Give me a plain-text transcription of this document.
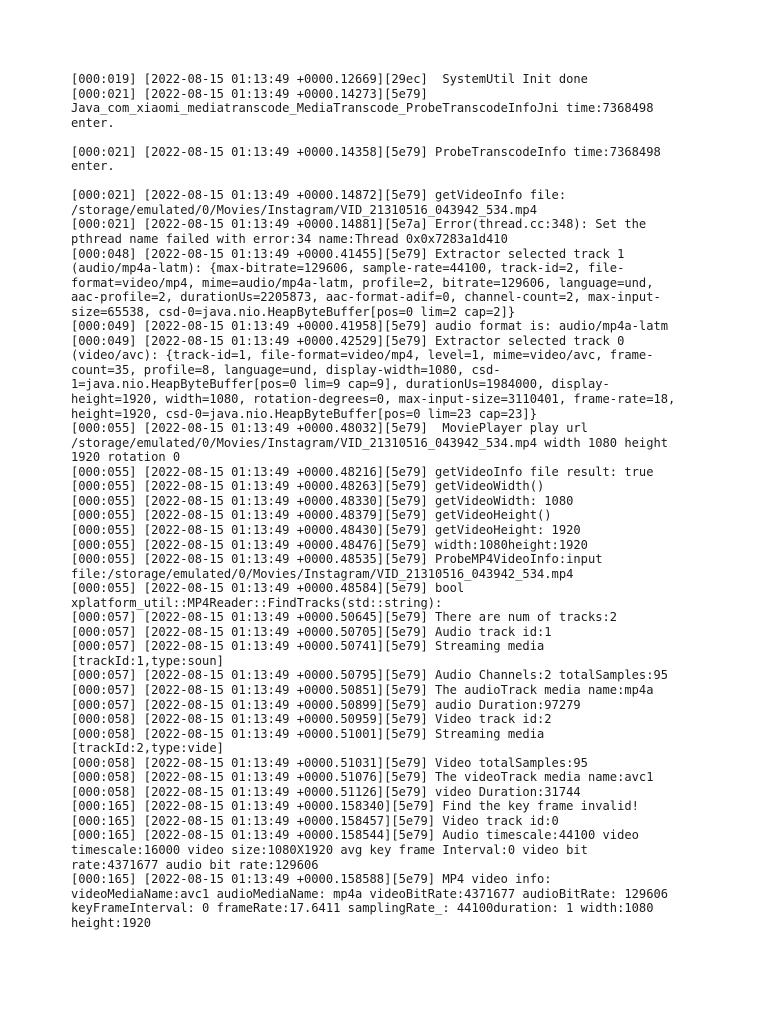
[000:019] [2022-08-15 01:13:49 +0000.12669][29ec]  SystemUtil Init done
[000:021] [2022-08-15 01:13:49 +0000.14273][5e79]
Java_com_xiaomi_mediatranscode_MediaTranscode_ProbeTranscodeInfoJni time:7368498
enter.
[000:021] [2022-08-15 01:13:49 +0000.14358][5e79] ProbeTranscodeInfo time:7368498
enter.
[000:021] [2022-08-15 01:13:49 +0000.14872][5e79] getVideoInfo file:
/storage/emulated/0/Movies/Instagram/VID_21310516_043942_534.mp4
[000:021] [2022-08-15 01:13:49 +0000.14881][5e7a] Error(thread.cc:348): Set the
pthread name failed with error:34 name:Thread 0x0x7283a1d410
[000:048] [2022-08-15 01:13:49 +0000.41455][5e79] Extractor selected track 1
(audio/mp4a-latm): {max-bitrate=129606, sample-rate=44100, track-id=2, file-
format=video/mp4, mime=audio/mp4a-latm, profile=2, bitrate=129606, language=und,
aac-profile=2, durationUs=2205873, aac-format-adif=0, channel-count=2, max-input-
size=65538, csd-0=java.nio.HeapByteBuffer[pos=0 lim=2 cap=2]}
[000:049] [2022-08-15 01:13:49 +0000.41958][5e79] audio format is: audio/mp4a-latm
[000:049] [2022-08-15 01:13:49 +0000.42529][5e79] Extractor selected track 0
(video/avc): {track-id=1, file-format=video/mp4, level=1, mime=video/avc, frame-
count=35, profile=8, language=und, display-width=1080, csd-
1=java.nio.HeapByteBuffer[pos=0 lim=9 cap=9], durationUs=1984000, display-
height=1920, width=1080, rotation-degrees=0, max-input-size=3110401, frame-rate=18,
height=1920, csd-0=java.nio.HeapByteBuffer[pos=0 lim=23 cap=23]}
[000:055] [2022-08-15 01:13:49 +0000.48032][5e79]  MoviePlayer play url
/storage/emulated/0/Movies/Instagram/VID_21310516_043942_534.mp4 width 1080 height
1920 rotation 0
[000:055] [2022-08-15 01:13:49 +0000.48216][5e79] getVideoInfo file result: true
[000:055] [2022-08-15 01:13:49 +0000.48263][5e79] getVideoWidth()
[000:055] [2022-08-15 01:13:49 +0000.48330][5e79] getVideoWidth: 1080
[000:055] [2022-08-15 01:13:49 +0000.48379][5e79] getVideoHeight()
[000:055] [2022-08-15 01:13:49 +0000.48430][5e79] getVideoHeight: 1920
[000:055] [2022-08-15 01:13:49 +0000.48476][5e79] width:1080height:1920
[000:055] [2022-08-15 01:13:49 +0000.48535][5e79] ProbeMP4VideoInfo:input
file:/storage/emulated/0/Movies/Instagram/VID_21310516_043942_534.mp4
[000:055] [2022-08-15 01:13:49 +0000.48584][5e79] bool
xplatform_util::MP4Reader::FindTracks(std::string):
[000:057] [2022-08-15 01:13:49 +0000.50645][5e79] There are num of tracks:2
[000:057] [2022-08-15 01:13:49 +0000.50705][5e79] Audio track id:1
[000:057] [2022-08-15 01:13:49 +0000.50741][5e79] Streaming media
[trackId:1,type:soun]
[000:057] [2022-08-15 01:13:49 +0000.50795][5e79] Audio Channels:2 totalSamples:95
[000:057] [2022-08-15 01:13:49 +0000.50851][5e79] The audioTrack media name:mp4a
[000:057] [2022-08-15 01:13:49 +0000.50899][5e79] audio Duration:97279
[000:058] [2022-08-15 01:13:49 +0000.50959][5e79] Video track id:2
[000:058] [2022-08-15 01:13:49 +0000.51001][5e79] Streaming media
[trackId:2,type:vide]
[000:058] [2022-08-15 01:13:49 +0000.51031][5e79] Video totalSamples:95
[000:058] [2022-08-15 01:13:49 +0000.51076][5e79] The videoTrack media name:avc1
[000:058] [2022-08-15 01:13:49 +0000.51126][5e79] video Duration:31744
[000:165] [2022-08-15 01:13:49 +0000.158340][5e79] Find the key frame invalid!
[000:165] [2022-08-15 01:13:49 +0000.158457][5e79] Video track id:0
[000:165] [2022-08-15 01:13:49 +0000.158544][5e79] Audio timescale:44100 video
timescale:16000 video size:1080X1920 avg key frame Interval:0 video bit
rate:4371677 audio bit rate:129606
[000:165] [2022-08-15 01:13:49 +0000.158588][5e79] MP4 video info:
videoMediaName:avc1 audioMediaName: mp4a videoBitRate:4371677 audioBitRate: 129606
keyFrameInterval: 0 frameRate:17.6411 samplingRate_: 44100duration: 1 width:1080
height:1920
